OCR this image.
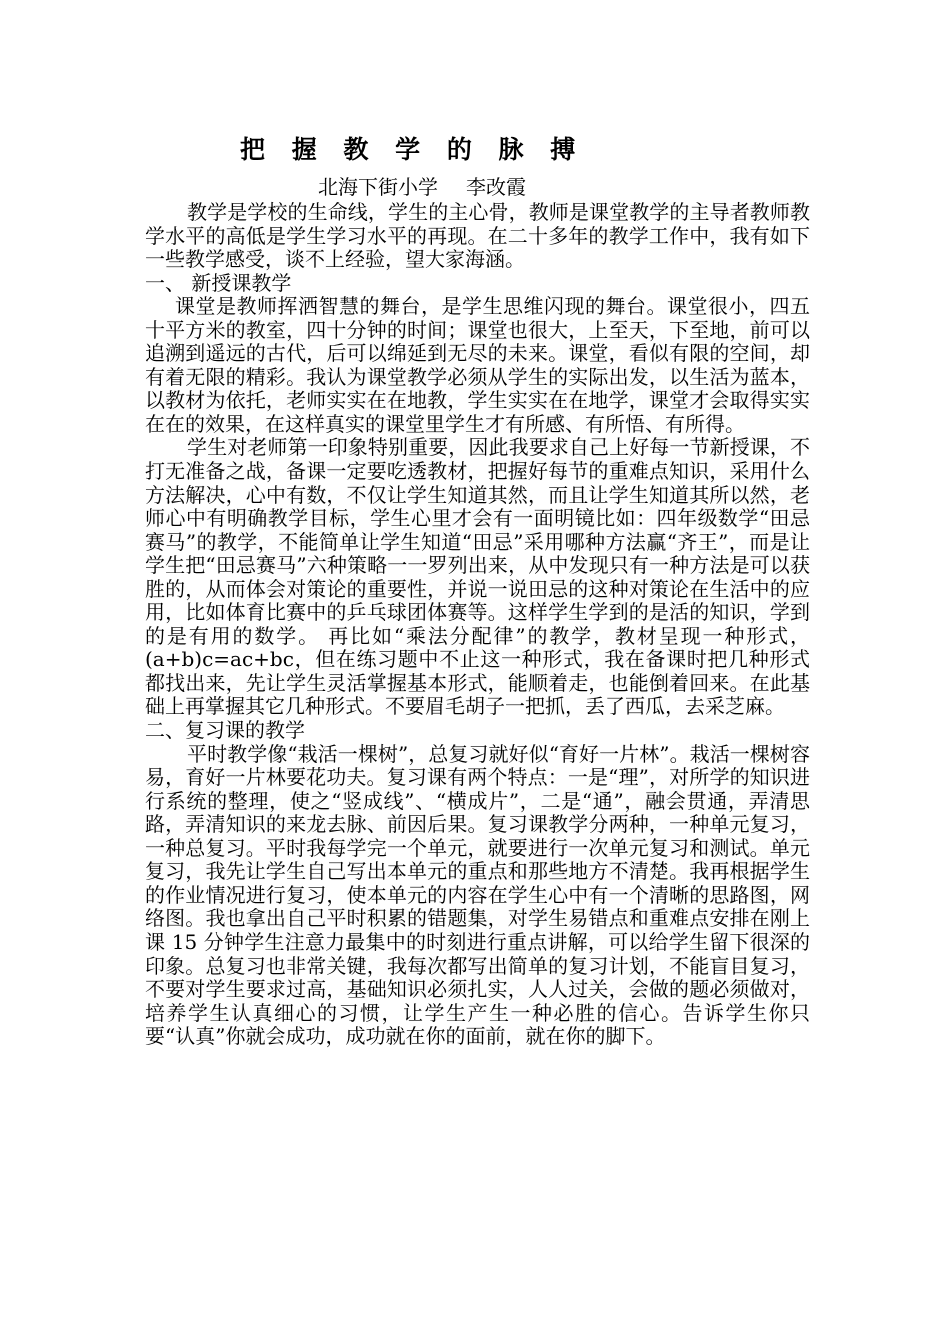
把 握 教 学 的 脉 搏
北海下街小学 李改霞

教学是学校的生命线，学生的主心骨，教师是课堂教学的主导者教师教学水平的高低是学生学习水平的再现。在二十多年的教学工作中，我有如下一些教学感受，谈不上经验，望大家海涵。

一、 新授课教学

课堂是教师挥洒智慧的舞台，是学生思维闪现的舞台。课堂很小，四五十平方米的教室，四十分钟的时间；课堂也很大，上至天，下至地，前可以追溯到遥远的古代，后可以绵延到无尽的未来。课堂，看似有限的空间，却有着无限的精彩。我认为课堂教学必须从学生的实际出发，以生活为蓝本，以教材为依托，老师实实在在地教，学生实实在在地学，课堂才会取得实实在在的效果，在这样真实的课堂里学生才有所感、有所悟、有所得。

学生对老师第一印象特别重要，因此我要求自己上好每一节新授课，不打无准备之战，备课一定要吃透教材，把握好每节的重难点知识，采用什么方法解决，心中有数，不仅让学生知道其然，而且让学生知道其所以然，老师心中有明确教学目标，学生心里才会有一面明镜比如：四年级数学“田忌赛马”的教学，不能简单让学生知道“田忌”采用哪种方法赢“齐王”，而是让学生把“田忌赛马”六种策略一一罗列出来，从中发现只有一种方法是可以获胜的，从而体会对策论的重要性，并说一说田忌的这种对策论在生活中的应用，比如体育比赛中的乒乓球团体赛等。这样学生学到的是活的知识，学到的是有用的数学。 再比如“乘法分配律”的教学，教材呈现一种形式，(a+b)c=ac+bc，但在练习题中不止这一种形式，我在备课时把几种形式都找出来，先让学生灵活掌握基本形式，能顺着走，也能倒着回来。在此基础上再掌握其它几种形式。不要眉毛胡子一把抓，丢了西瓜，去采芝麻。

二、复习课的教学

平时教学像“栽活一棵树”，总复习就好似“育好一片林”。栽活一棵树容易，育好一片林要花功夫。复习课有两个特点：一是“理”，对所学的知识进行系统的整理，使之“竖成线”、“横成片”，二是“通”，融会贯通，弄清思路，弄清知识的来龙去脉、前因后果。复习课教学分两种，一种单元复习，一种总复习。平时我每学完一个单元，就要进行一次单元复习和测试。单元复习，我先让学生自己写出本单元的重点和那些地方不清楚。我再根据学生的作业情况进行复习，使本单元的内容在学生心中有一个清晰的思路图，网络图。我也拿出自己平时积累的错题集，对学生易错点和重难点安排在刚上课 15 分钟学生注意力最集中的时刻进行重点讲解，可以给学生留下很深的印象。总复习也非常关键，我每次都写出简单的复习计划，不能盲目复习，不要对学生要求过高，基础知识必须扎实，人人过关，会做的题必须做对，培养学生认真细心的习惯，让学生产生一种必胜的信心。告诉学生你只要“认真”你就会成功，成功就在你的面前，就在你的脚下。
